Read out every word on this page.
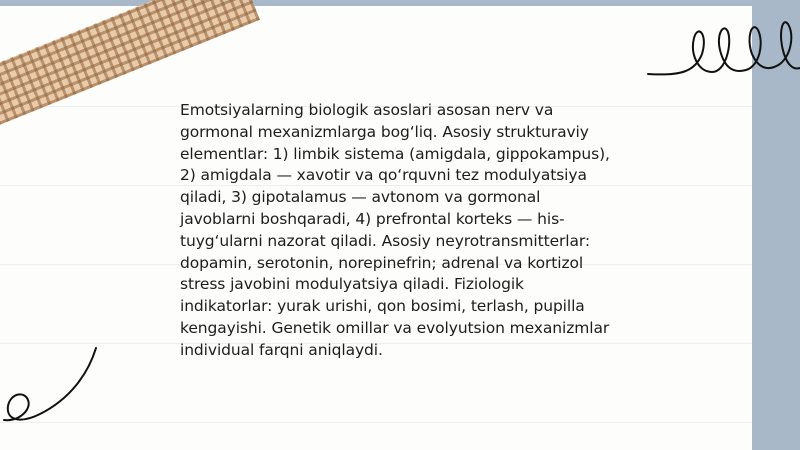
Emotsiyalarning biologik asoslari asosan nerv va gormonal mexanizmlarga bog‘liq. Asosiy strukturaviy elementlar: 1) limbik sistema (amigdala, gippokampus), 2) amigdala — xavotir va qo‘rquvni tez modulyatsiya qiladi, 3) gipotalamus — avtonom va gormonal javoblarni boshqaradi, 4) prefrontal korteks — his-tuyg‘ularni nazorat qiladi. Asosiy neyrotransmitterlar: dopamin, serotonin, norepinefrin; adrenal va kortizol stress javobini modulyatsiya qiladi. Fiziologik indikatorlar: yurak urishi, qon bosimi, terlash, pupilla kengayishi. Genetik omillar va evolyutsion mexanizmlar individual farqni aniqlaydi.
